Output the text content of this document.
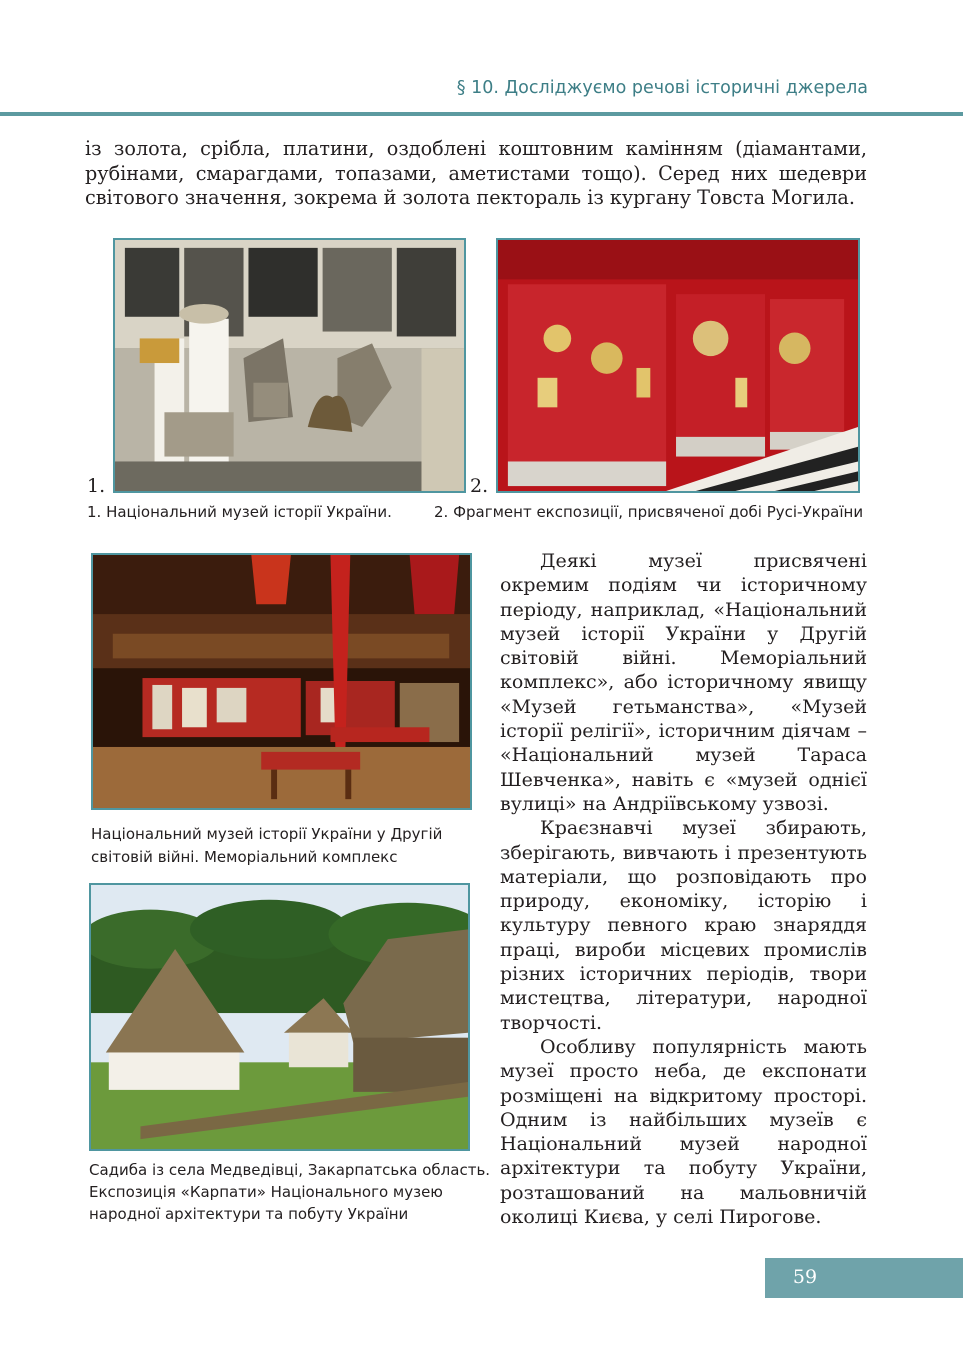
§ 10. Досліджуємо речові історичні джерела

із золота, срібла, платини, оздоблені коштовним камінням (діамантами, рубінами, смарагдами, топазами, аметистами тощо). Серед них шедеври світового значення, зокрема й золота пектораль із кургану Товста Могила.

1.	2.

1. Національний музей історії України.	2. Фрагмент експозиції, присвяченої добі Русі-України

Національний музей історії України у Другій

світовій війні. Меморіальний комплекс

Садиба із села Медведівці, Закарпатська область.

Експозиція «Карпати» Національного музею

народної архітектури та побуту України

Деякі музеї присвячені окремим подіям чи історичному періоду, наприклад, «Національний музей історії України у Другій світовій війні. Меморіальний комплекс», або історичному явищу «Музей гетьманства», «Музей історії релігії», історичним діячам – «Національний музей Тараса Шевченка», навіть є «музей однієї вулиці» на Андріївському узвозі.

Краєзнавчі музеї збирають, зберігають, вивчають і презентують матеріали, що розповідають про природу, економіку, історію і культуру певного краю знаряддя праці, вироби місцевих промислів різних історичних періодів, твори мистецтва, літератури, народної творчості.

Особливу популярність мають музеї просто неба, де експонати розміщені на відкритому просторі. Одним із найбільших музеїв є Національний музей народної архітектури та побуту України, розташований на мальовничій околиці Києва, у селі Пирогове.

59
